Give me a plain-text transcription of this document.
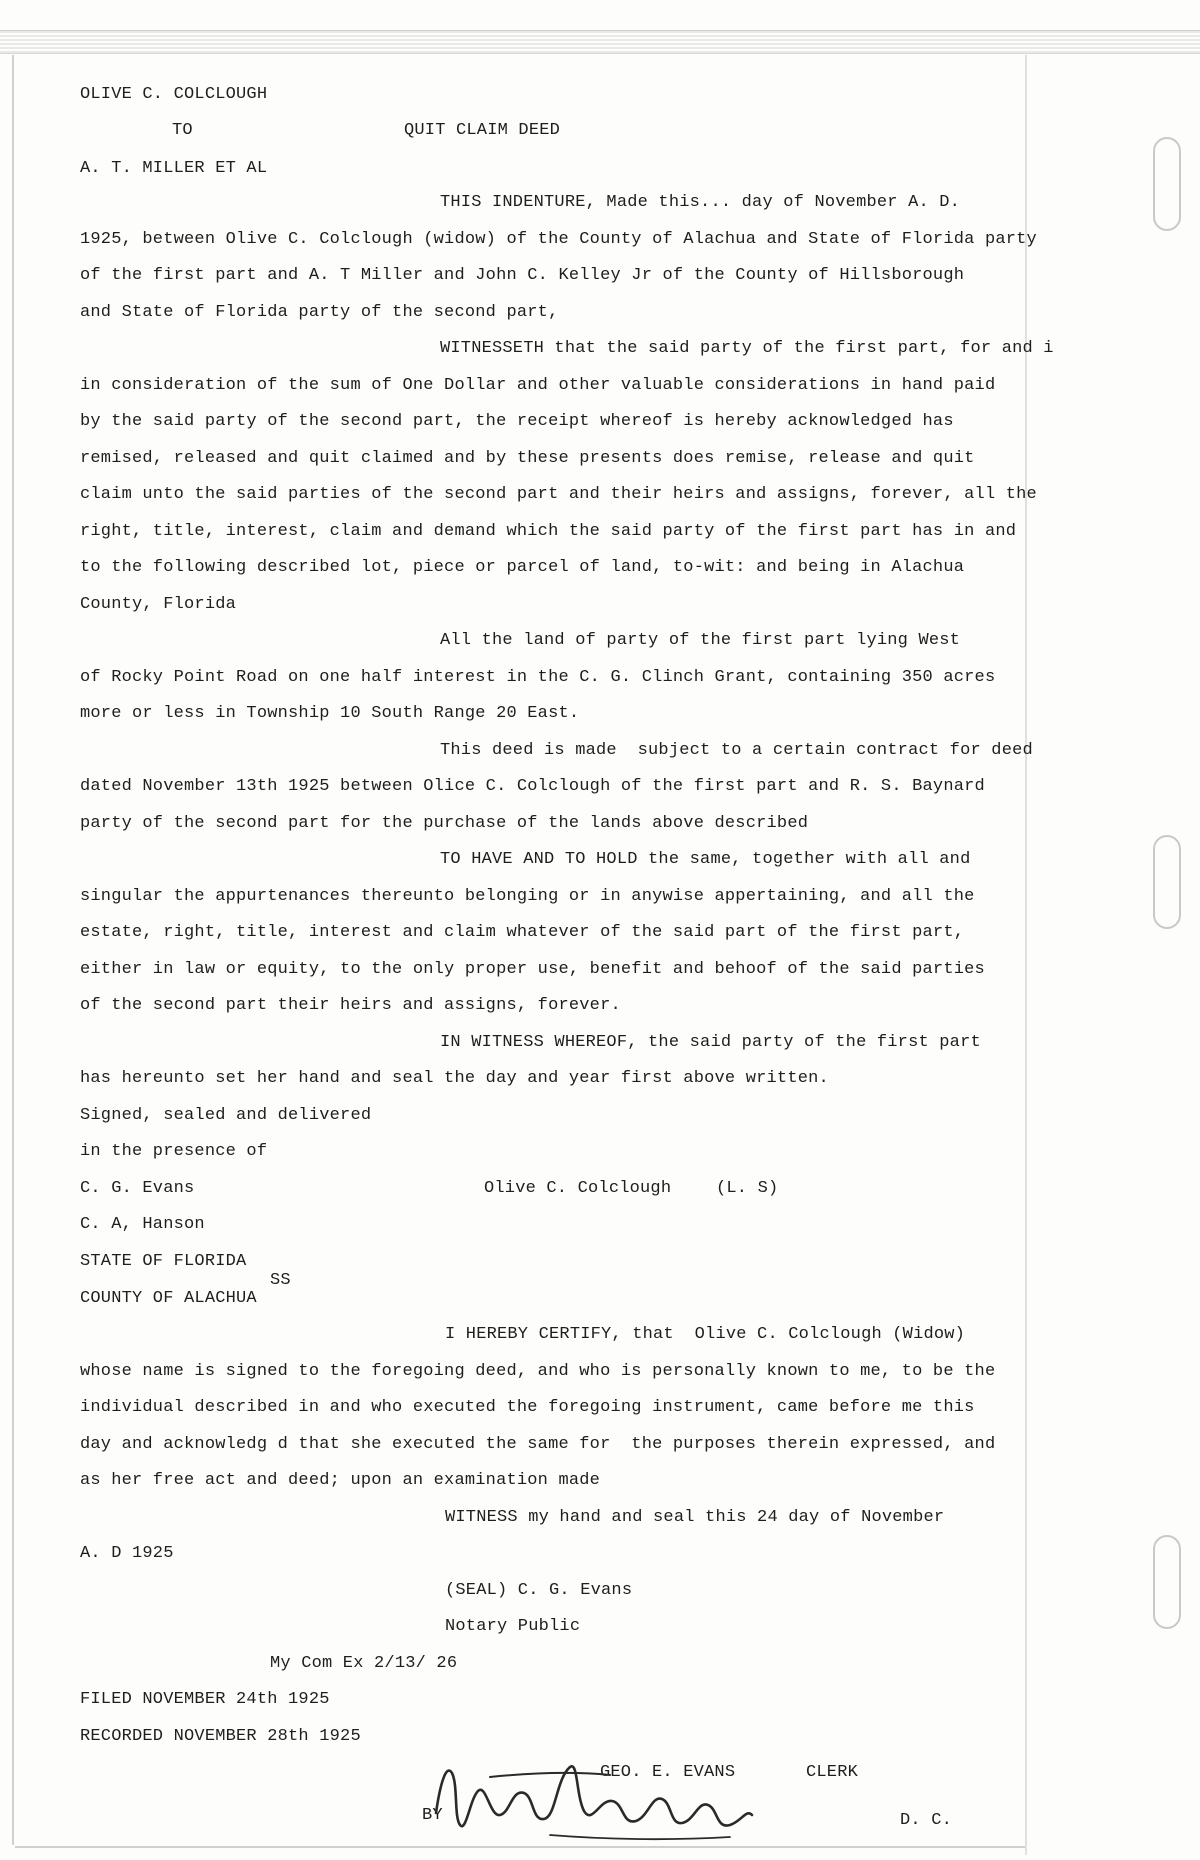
OLIVE C. COLCLOUGH
TO	QUIT CLAIM DEED
A. T. MILLER ET AL
THIS INDENTURE, Made this... day of November A. D.
1925, between Olive C. Colclough (widow) of the County of Alachua and State of Florida party
of the first part and A. T Miller and John C. Kelley Jr of the County of Hillsborough
and State of Florida party of the second part,
WITNESSETH that the said party of the first part, for and i
in consideration of the sum of One Dollar and other valuable considerations in hand paid
by the said party of the second part, the receipt whereof is hereby acknowledged has
remised, released and quit claimed and by these presents does remise, release and quit
claim unto the said parties of the second part and their heirs and assigns, forever, all the
right, title, interest, claim and demand which the said party of the first part has in and
to the following described lot, piece or parcel of land, to-wit: and being in Alachua
County, Florida
All the land of party of the first part lying West
of Rocky Point Road on one half interest in the C. G. Clinch Grant, containing 350 acres
more or less in Township 10 South Range 20 East.
This deed is made  subject to a certain contract for deed
dated November 13th 1925 between Olice C. Colclough of the first part and R. S. Baynard
party of the second part for the purchase of the lands above described
TO HAVE AND TO HOLD the same, together with all and
singular the appurtenances thereunto belonging or in anywise appertaining, and all the
estate, right, title, interest and claim whatever of the said part of the first part,
either in law or equity, to the only proper use, benefit and behoof of the said parties
of the second part their heirs and assigns, forever.
IN WITNESS WHEREOF, the said party of the first part
has hereunto set her hand and seal the day and year first above written.
Signed, sealed and delivered
in the presence of
C. G. Evans	Olive C. Colclough	(L. S)
C. A, Hanson
STATE OF FLORIDA
SS
COUNTY OF ALACHUA
I HEREBY CERTIFY, that  Olive C. Colclough (Widow)
whose name is signed to the foregoing deed, and who is personally known to me, to be the
individual described in and who executed the foregoing instrument, came before me this
day and acknowledg d that she executed the same for  the purposes therein expressed, and
as her free act and deed; upon an examination made
WITNESS my hand and seal this 24 day of November
A. D 1925
(SEAL) C. G. Evans
Notary Public
My Com Ex 2/13/ 26
FILED NOVEMBER 24th 1925
RECORDED NOVEMBER 28th 1925
GEO. E. EVANS	CLERK
BY	D. C.
